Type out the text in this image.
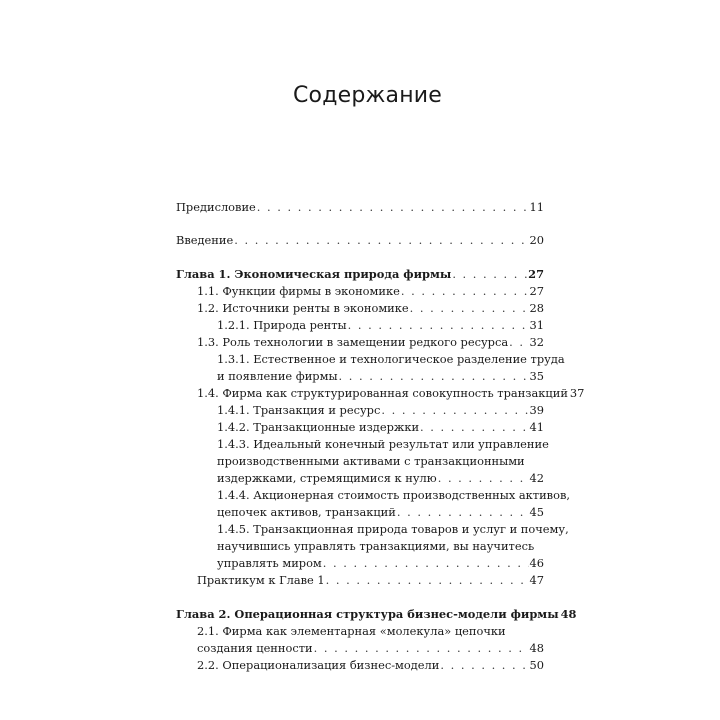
Содержание
Предисловие . . .	11
Введение . . .	20
Глава 1. Экономическая природа фирмы . . .	27
1.1. Функции фирмы в экономике . . .	27
1.2. Источники ренты в экономике . . .	28
1.2.1. Природа ренты . . .	31
1.3. Роль технологии в замещении редкого ресурса . . . 32
1.3.1. Естественное и технологическое разделение труда
и появление фирмы . . .	35
1.4. Фирма как структурированная совокупность транзакций 37
1.4.1. Транзакция и ресурс . . .	39
1.4.2. Транзакционные издержки . . .	41
1.4.3. Идеальный конечный результат или управление
производственными активами с транзакционными
издержками, стремящимися к нулю . . .	42
1.4.4. Акционерная стоимость производственных активов,
цепочек активов, транзакций . . .	45
1.4.5. Транзакционная природа товаров и услуг и почему,
научившись управлять транзакциями, вы научитесь
управлять миром . . .	46
Практикум к Главе 1 . . .	47
Глава 2. Операционная структура бизнес-модели фирмы 48
2.1. Фирма как элементарная «молекула» цепочки
создания ценности . . .	48
2.2. Операционализация бизнес-модели . . .	50
